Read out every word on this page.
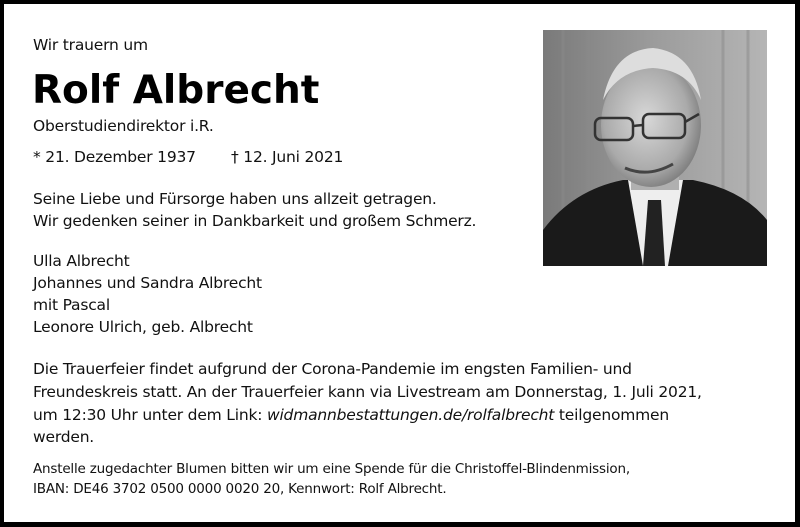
Wir trauern um
Rolf Albrecht
Oberstudiendirektor i.R.
* 21. Dezember 1937 † 12. Juni 2021
Seine Liebe und Fürsorge haben uns allzeit getragen.
Wir gedenken seiner in Dankbarkeit und großem Schmerz.
Ulla Albrecht
Johannes und Sandra Albrecht
mit Pascal
Leonore Ulrich, geb. Albrecht
Die Trauerfeier findet aufgrund der Corona-Pandemie im engsten Familien- und
Freundeskreis statt. An der Trauerfeier kann via Livestream am Donnerstag, 1. Juli 2021,
um 12:30 Uhr unter dem Link: widmannbestattungen.de/rolfalbrecht teilgenommen
werden.
Anstelle zugedachter Blumen bitten wir um eine Spende für die Christoffel-Blindenmission,
IBAN: DE46 3702 0500 0000 0020 20, Kennwort: Rolf Albrecht.
